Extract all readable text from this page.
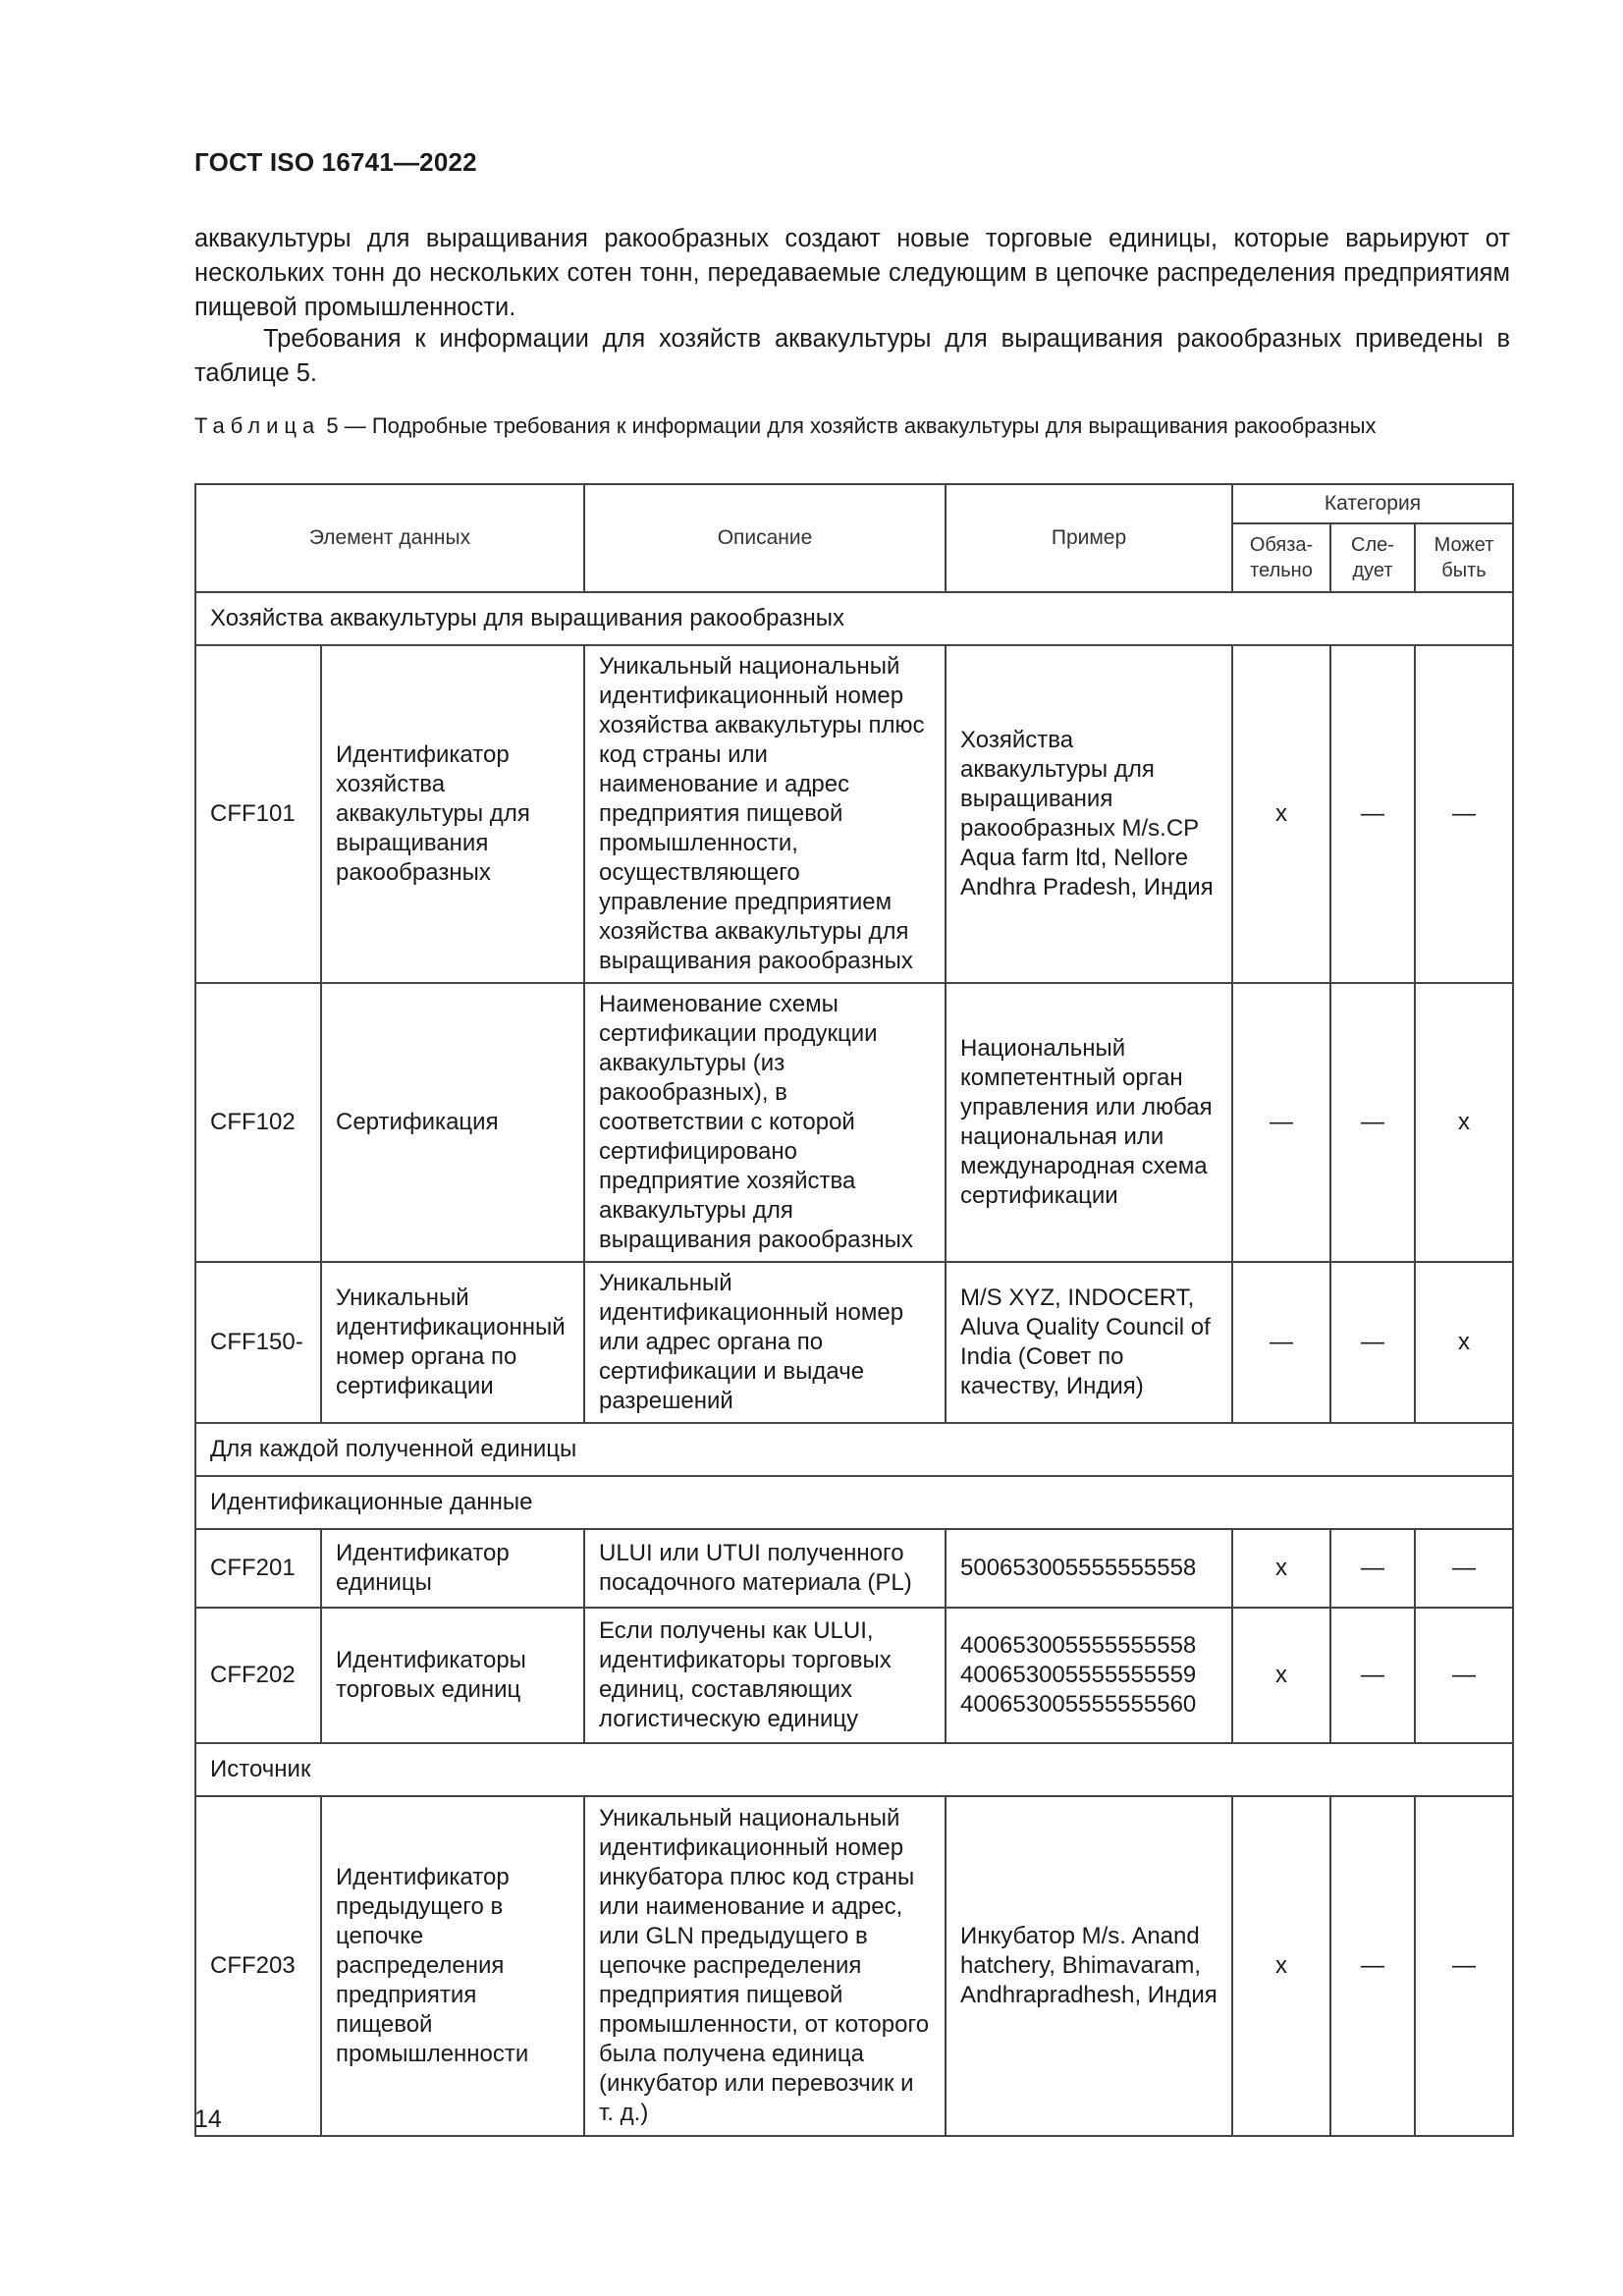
ГОСТ ISO 16741—2022
аквакультуры для выращивания ракообразных создают новые торговые единицы, которые варьируют от нескольких тонн до нескольких сотен тонн, передаваемые следующим в цепочке распределения предприятиям пищевой промышленности.
Требования к информации для хозяйств аквакультуры для выращивания ракообразных приведены в таблице 5.
Таблица 5 — Подробные требования к информации для хозяйств аквакультуры для выращивания ракообразных
Элемент данных		Описание	Пример	Категория		
				Обяза-тельно	Сле-дует	Может быть
Хозяйства аквакультуры для выращивания ракообразных						
CFF101	Идентификатор хозяйства аквакультуры для выращивания ракообразных	Уникальный национальный идентификационный номер хозяйства аквакультуры плюс код страны или наименование и адрес предприятия пищевой промышленности, осуществляющего управление предприятием хозяйства аквакультуры для выращивания ракообразных	Хозяйства аквакультуры для выращивания ракообразных M/s.CP Aqua farm ltd, Nellore Andhra Pradesh, Индия	x	—	—
CFF102	Сертификация	Наименование схемы сертификации продукции аквакультуры (из ракообразных), в соответствии с которой сертифицировано предприятие хозяйства аквакультуры для выращивания ракообразных	Национальный компетентный орган управления или любая национальная или международная схема сертификации	—	—	x
CFF150-	Уникальный идентификационный номер органа по сертификации	Уникальный идентификационный номер или адрес органа по сертификации и выдаче разрешений	M/S XYZ, INDOCERT, Aluva Quality Council of India (Совет по качеству, Индия)	—	—	x
Для каждой полученной единицы						
Идентификационные данные						
CFF201	Идентификатор единицы	ULUI или UTUI полученного посадочного материала (PL)	500653005555555558	x	—	—
CFF202	Идентификаторы торговых единиц	Если получены как ULUI, идентификаторы торговых единиц, составляющих логистическую единицу	400653005555555558 400653005555555559 400653005555555560	x	—	—
Источник						
CFF203	Идентификатор предыдущего в цепочке распределения предприятия пищевой промышленности	Уникальный национальный идентификационный номер инкубатора плюс код страны или наименование и адрес, или GLN предыдущего в цепочке распределения предприятия пищевой промышленности, от которого была получена единица (инкубатор или перевозчик и т. д.)	Инкубатор M/s. Anand hatchery, Bhimavaram, Andhrapradhesh, Индия	x	—	—
14
